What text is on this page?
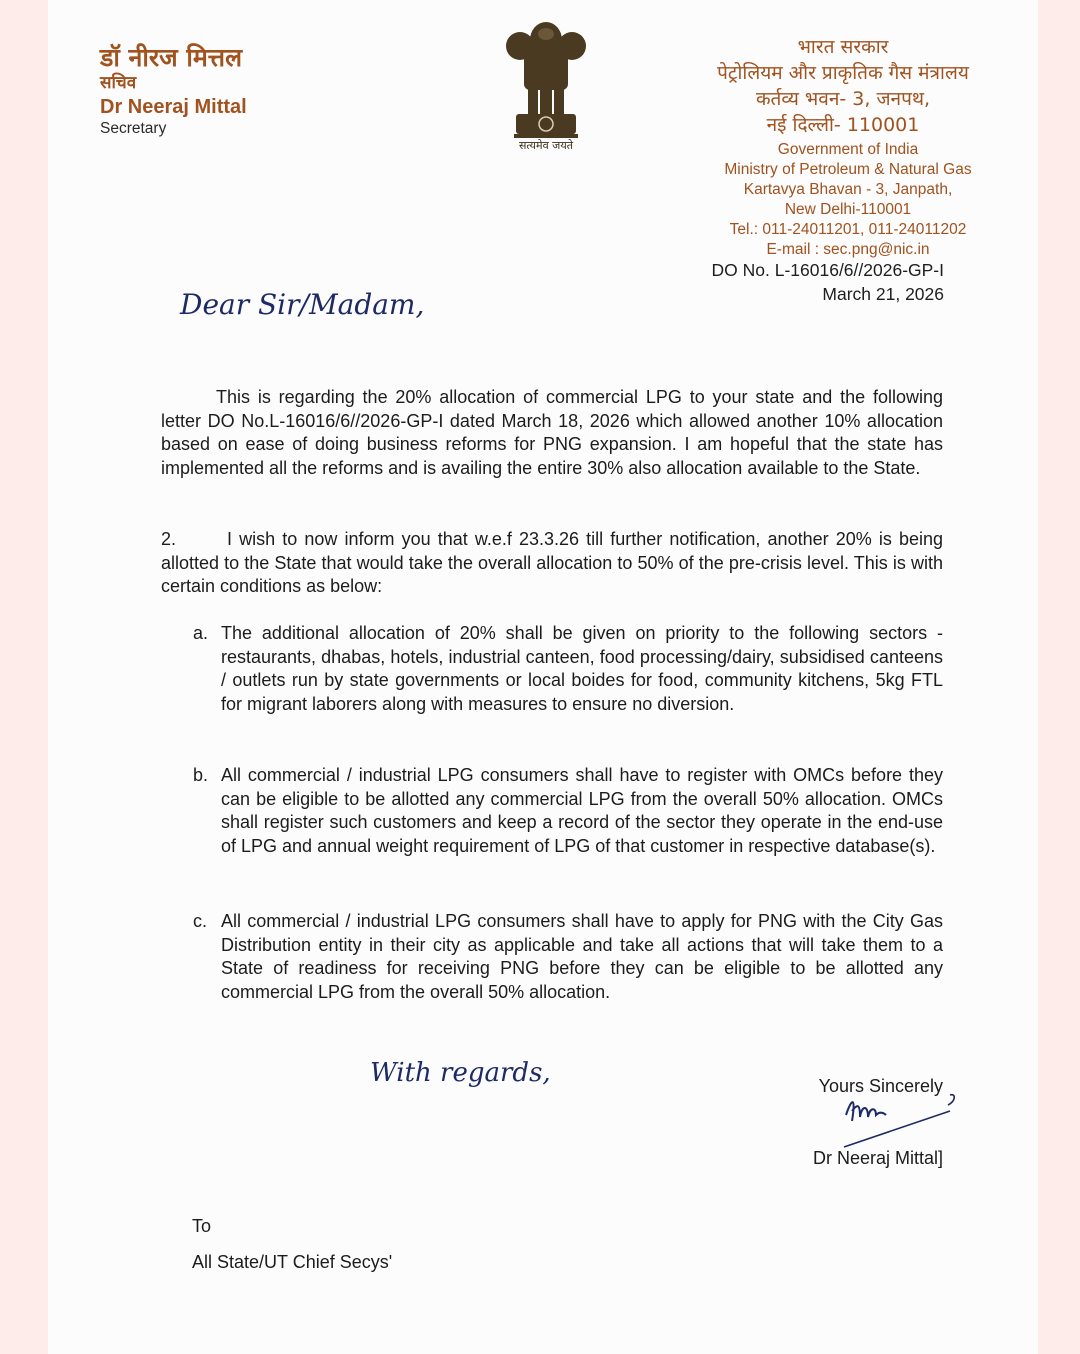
डॉ नीरज मित्तल
सचिव
Dr Neeraj Mittal
Secretary
सत्यमेव जयते
भारत सरकार
पेट्रोलियम और प्राकृतिक गैस मंत्रालय
कर्तव्य भवन- 3, जनपथ,
नई दिल्ली- 110001
Government of India
Ministry of Petroleum & Natural Gas
Kartavya Bhavan - 3, Janpath,
New Delhi-110001
Tel.: 011-24011201, 011-24011202
E-mail : sec.png@nic.in
DO No. L-16016/6//2026-GP-I
March 21, 2026
Dear Sir/Madam,
This is regarding the 20% allocation of commercial LPG to your state and the following letter DO No.L-16016/6//2026-GP-I dated March 18, 2026 which allowed another 10% allocation based on ease of doing business reforms for PNG expansion. I am hopeful that the state has implemented all the reforms and is availing the entire 30% also allocation available to the State.
2.	I wish to now inform you that w.e.f 23.3.26 till further notification, another 20% is being allotted to the State that would take the overall allocation to 50% of the pre-crisis level. This is with certain conditions as below:
a. The additional allocation of 20% shall be given on priority to the following sectors - restaurants, dhabas, hotels, industrial canteen, food processing/dairy, subsidised canteens / outlets run by state governments or local boides for food, community kitchens, 5kg FTL for migrant laborers along with measures to ensure no diversion.
b. All commercial / industrial LPG consumers shall have to register with OMCs before they can be eligible to be allotted any commercial LPG from the overall 50% allocation. OMCs shall register such customers and keep a record of the sector they operate in the end-use of LPG and annual weight requirement of LPG of that customer in respective database(s).
c. All commercial / industrial LPG consumers shall have to apply for PNG with the City Gas Distribution entity in their city as applicable and take all actions that will take them to a State of readiness for receiving PNG before they can be eligible to be allotted any commercial LPG from the overall 50% allocation.
With regards,	Yours Sincerely
Dr Neeraj Mittal]
To
All State/UT Chief Secys'
